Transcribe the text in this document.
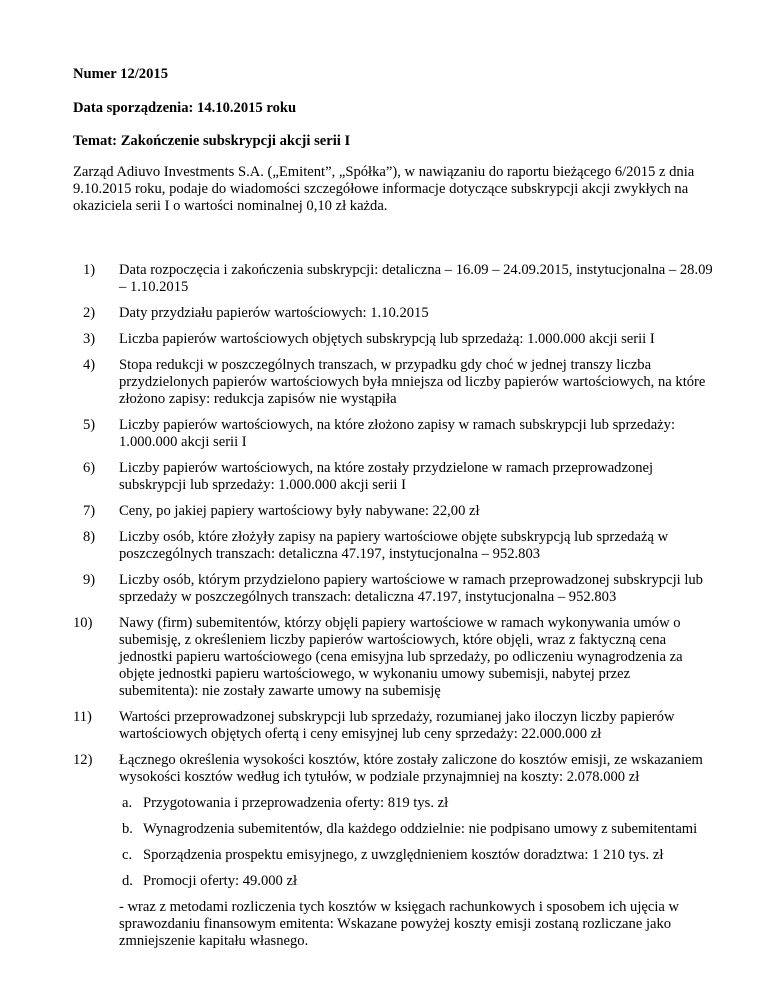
Numer 12/2015
Data sporządzenia: 14.10.2015 roku
Temat: Zakończenie subskrypcji akcji serii I

Zarząd Adiuvo Investments S.A. („Emitent”, „Spółka”), w nawiązaniu do raportu bieżącego 6/2015 z dnia 9.10.2015 roku, podaje do wiadomości szczegółowe informacje dotyczące subskrypcji akcji zwykłych na okaziciela serii I o wartości nominalnej 0,10 zł każda.

1)	Data rozpoczęcia i zakończenia subskrypcji: detaliczna – 16.09 – 24.09.2015, instytucjonalna – 28.09 – 1.10.2015
2)	Daty przydziału papierów wartościowych: 1.10.2015
3)	Liczba papierów wartościowych objętych subskrypcją lub sprzedażą: 1.000.000 akcji serii I
4)	Stopa redukcji w poszczególnych transzach, w przypadku gdy choć w jednej transzy liczba przydzielonych papierów wartościowych była mniejsza od liczby papierów wartościowych, na które złożono zapisy: redukcja zapisów nie wystąpiła
5)	Liczby papierów wartościowych, na które złożono zapisy w ramach subskrypcji lub sprzedaży: 1.000.000 akcji serii I
6)	Liczby papierów wartościowych, na które zostały przydzielone w ramach przeprowadzonej subskrypcji lub sprzedaży: 1.000.000 akcji serii I
7)	Ceny, po jakiej papiery wartościowy były nabywane: 22,00 zł
8)	Liczby osób, które złożyły zapisy na papiery wartościowe objęte subskrypcją lub sprzedażą w poszczególnych transzach: detaliczna 47.197, instytucjonalna – 952.803
9)	Liczby osób, którym przydzielono papiery wartościowe w ramach przeprowadzonej subskrypcji lub sprzedaży w poszczególnych transzach: detaliczna 47.197, instytucjonalna – 952.803
10)	Nawy (firm) subemitentów, którzy objęli papiery wartościowe w ramach wykonywania umów o subemisję, z określeniem liczby papierów wartościowych, które objęli, wraz z faktyczną cena jednostki papieru wartościowego (cena emisyjna lub sprzedaży, po odliczeniu wynagrodzenia za objęte jednostki papieru wartościowego, w wykonaniu umowy subemisji, nabytej przez subemitenta): nie zostały zawarte umowy na subemisję
11)	Wartości przeprowadzonej subskrypcji lub sprzedaży, rozumianej jako iloczyn liczby papierów wartościowych objętych ofertą i ceny emisyjnej lub ceny sprzedaży: 22.000.000 zł
12)	Łącznego określenia wysokości kosztów, które zostały zaliczone do kosztów emisji, ze wskazaniem wysokości kosztów według ich tytułów, w podziale przynajmniej na koszty: 2.078.000 zł
a. Przygotowania i przeprowadzenia oferty: 819 tys. zł
b. Wynagrodzenia subemitentów, dla każdego oddzielnie: nie podpisano umowy z subemitentami
c. Sporządzenia prospektu emisyjnego, z uwzględnieniem kosztów doradztwa: 1 210 tys. zł
d. Promocji oferty: 49.000 zł

- wraz z metodami rozliczenia tych kosztów w księgach rachunkowych i sposobem ich ujęcia w sprawozdaniu finansowym emitenta: Wskazane powyżej koszty emisji zostaną rozliczane jako zmniejszenie kapitału własnego.
